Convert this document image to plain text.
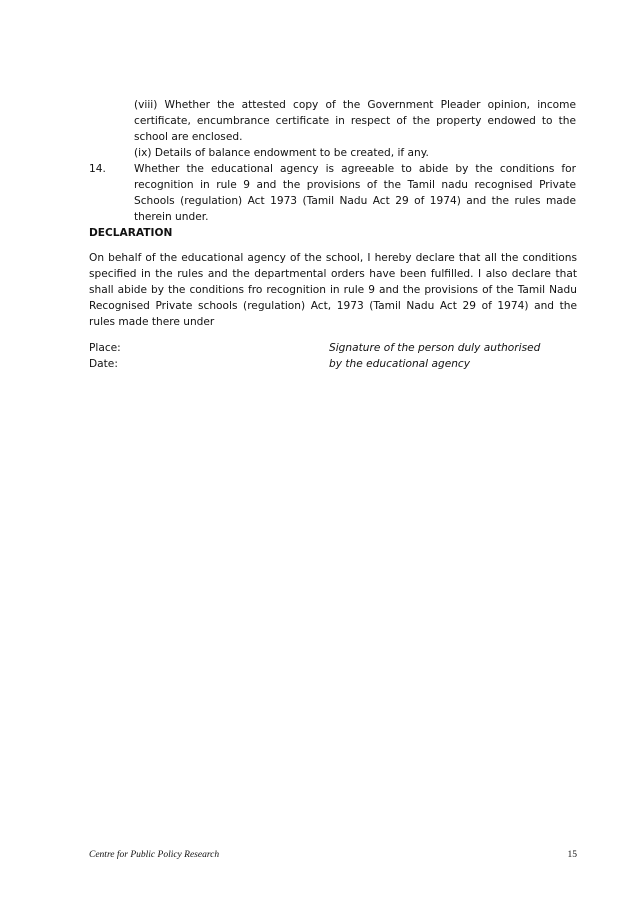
(viii) Whether the attested copy of the Government Pleader opinion, income certificate, encumbrance certificate in respect of the property endowed to the school are enclosed.
(ix) Details of balance endowment to be created, if any.
14.	Whether the educational agency is agreeable to abide by the conditions for recognition in rule 9 and the provisions of the Tamil nadu recognised Private Schools (regulation) Act 1973 (Tamil Nadu Act 29 of 1974) and the rules made therein under.
DECLARATION
On behalf of the educational agency of the school, I hereby declare that all the conditions specified in the rules and the departmental orders have been fulfilled. I also declare that shall abide by the conditions fro recognition in rule 9 and the provisions of the Tamil Nadu Recognised Private schools (regulation) Act, 1973 (Tamil Nadu Act 29 of 1974) and the rules made there under
Place:
Date:
Signature of the person duly authorised
by the educational agency
Centre for Public Policy Research	15
